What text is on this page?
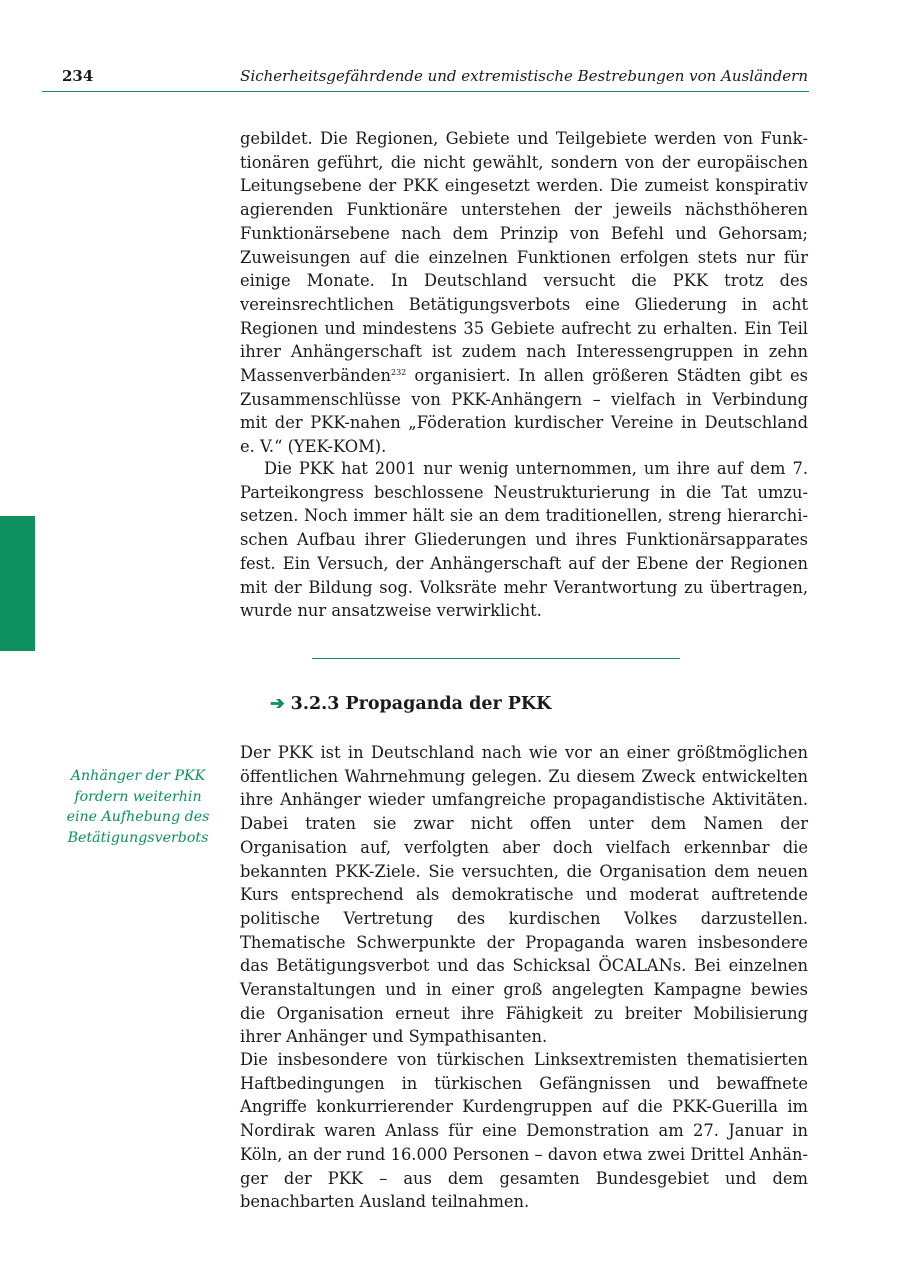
234	Sicherheitsgefährdende und extremistische Bestrebungen von Ausländern

gebildet. Die Regionen, Gebiete und Teilgebiete werden von Funktionären geführt, die nicht gewählt, sondern von der europäischen Leitungsebene der PKK eingesetzt werden. Die zumeist konspirativ agierenden Funktionäre unterstehen der jeweils nächsthöheren Funktionärsebene nach dem Prinzip von Befehl und Gehorsam; Zuweisungen auf die einzelnen Funktionen erfolgen stets nur für einige Monate. In Deutschland versucht die PKK trotz des vereinsrechtlichen Betätigungsverbots eine Gliederung in acht Regionen und mindestens 35 Gebiete aufrecht zu erhalten. Ein Teil ihrer Anhängerschaft ist zudem nach Interessengruppen in zehn Massenverbänden$^{232}$ organisiert. In allen größeren Städten gibt es Zusammenschlüsse von PKK-Anhängern – vielfach in Verbindung mit der PKK-nahen „Föderation kurdischer Vereine in Deutschland e. V.“ (YEK-KOM).

Die PKK hat 2001 nur wenig unternommen, um ihre auf dem 7. Parteikongress beschlossene Neustrukturierung in die Tat umzusetzen. Noch immer hält sie an dem traditionellen, streng hierarchischen Aufbau ihrer Gliederungen und ihres Funktionärsapparates fest. Ein Versuch, der Anhängerschaft auf der Ebene der Regionen mit der Bildung sog. Volksräte mehr Verantwortung zu übertragen, wurde nur ansatzweise verwirklicht.

➔ 3.2.3 Propaganda der PKK
Anhänger der PKK fordern weiterhin eine Aufhebung des Betätigungsverbots

Der PKK ist in Deutschland nach wie vor an einer größtmöglichen öffentlichen Wahrnehmung gelegen. Zu diesem Zweck entwickelten ihre Anhänger wieder umfangreiche propagandistische Aktivitäten. Dabei traten sie zwar nicht offen unter dem Namen der Organisation auf, verfolgten aber doch vielfach erkennbar die bekannten PKK-Ziele. Sie versuchten, die Organisation dem neuen Kurs entsprechend als demokratische und moderat auftretende politische Vertretung des kurdischen Volkes darzustellen. Thematische Schwerpunkte der Propaganda waren insbesondere das Betätigungsverbot und das Schicksal ÖCALANs. Bei einzelnen Veranstaltungen und in einer groß angelegten Kampagne bewies die Organisation erneut ihre Fähigkeit zu breiter Mobilisierung ihrer Anhänger und Sympathisanten.

Die insbesondere von türkischen Linksextremisten thematisierten Haftbedingungen in türkischen Gefängnissen und bewaffnete Angriffe konkurrierender Kurdengruppen auf die PKK-Guerilla im Nordirak waren Anlass für eine Demonstration am 27. Januar in Köln, an der rund 16.000 Personen – davon etwa zwei Drittel Anhänger der PKK – aus dem gesamten Bundesgebiet und dem benachbarten Ausland teilnahmen.
